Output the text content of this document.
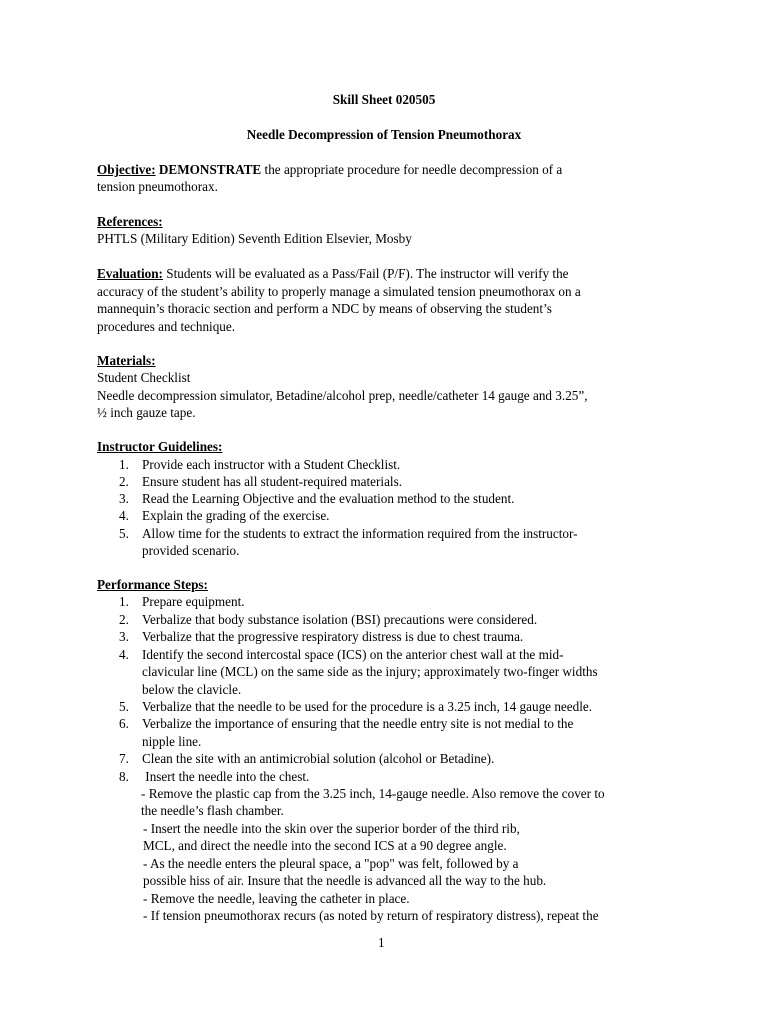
Skill Sheet 020505
Needle Decompression of Tension Pneumothorax
Objective: DEMONSTRATE the appropriate procedure for needle decompression of a
tension pneumothorax.
References:
PHTLS (Military Edition) Seventh Edition Elsevier, Mosby
Evaluation: Students will be evaluated as a Pass/Fail (P/F). The instructor will verify the
accuracy of the student’s ability to properly manage a simulated tension pneumothorax on a
mannequin’s thoracic section and perform a NDC by means of observing the student’s
procedures and technique.
Materials:
Student Checklist
Needle decompression simulator, Betadine/alcohol prep, needle/catheter 14 gauge and 3.25”,
½ inch gauze tape.
Instructor Guidelines:
1. Provide each instructor with a Student Checklist.
2. Ensure student has all student-required materials.
3. Read the Learning Objective and the evaluation method to the student.
4. Explain the grading of the exercise.
5. Allow time for the students to extract the information required from the instructor-
provided scenario.
Performance Steps:
1. Prepare equipment.
2. Verbalize that body substance isolation (BSI) precautions were considered.
3. Verbalize that the progressive respiratory distress is due to chest trauma.
4. Identify the second intercostal space (ICS) on the anterior chest wall at the mid-
clavicular line (MCL) on the same side as the injury; approximately two-finger widths
below the clavicle.
5. Verbalize that the needle to be used for the procedure is a 3.25 inch, 14 gauge needle.
6. Verbalize the importance of ensuring that the needle entry site is not medial to the
nipple line.
7. Clean the site with an antimicrobial solution (alcohol or Betadine).
8. Insert the needle into the chest.
- Remove the plastic cap from the 3.25 inch, 14-gauge needle. Also remove the cover to
the needle’s flash chamber.
- Insert the needle into the skin over the superior border of the third rib,
MCL, and direct the needle into the second ICS at a 90 degree angle.
- As the needle enters the pleural space, a "pop" was felt, followed by a
possible hiss of air. Insure that the needle is advanced all the way to the hub.
- Remove the needle, leaving the catheter in place.
- If tension pneumothorax recurs (as noted by return of respiratory distress), repeat the
1
